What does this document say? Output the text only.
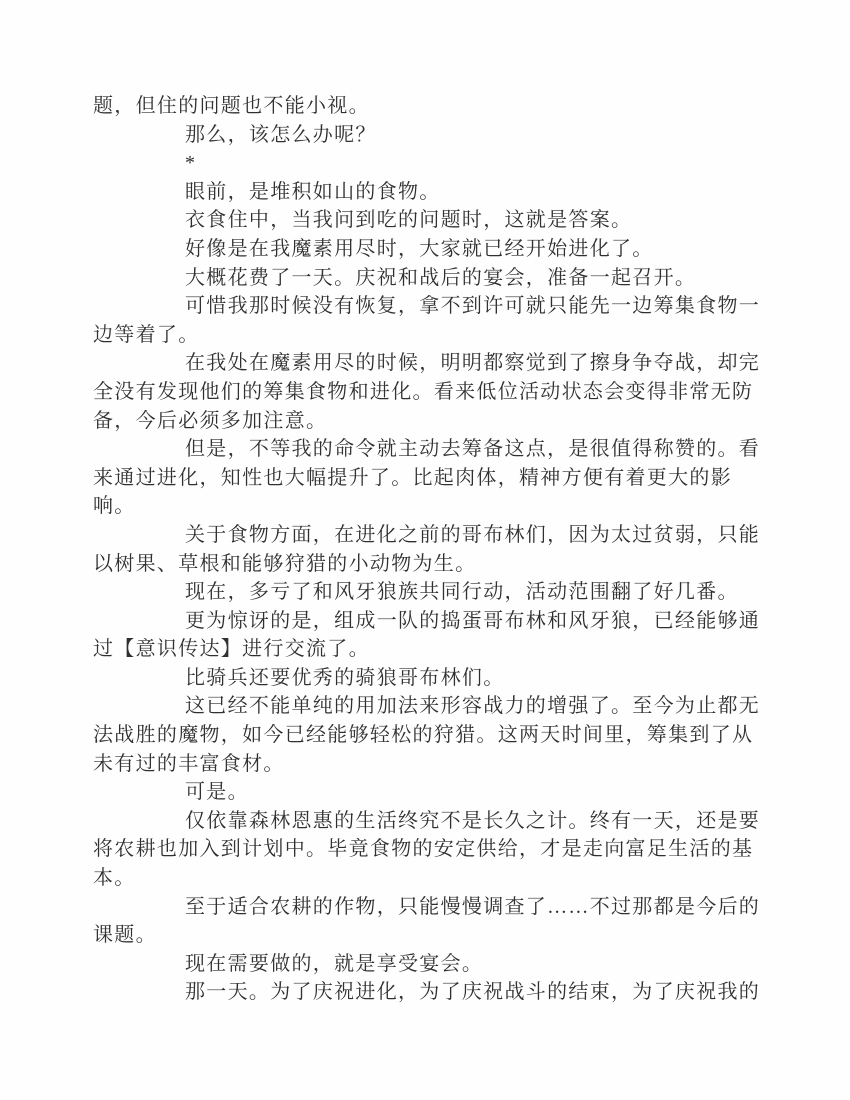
题，但住的问题也不能小视。
那么，该怎么办呢？
*
眼前，是堆积如山的食物。
衣食住中，当我问到吃的问题时，这就是答案。
好像是在我魔素用尽时，大家就已经开始进化了。
大概花费了一天。庆祝和战后的宴会，准备一起召开。
可惜我那时候没有恢复，拿不到许可就只能先一边筹集食物一
边等着了。
在我处在魔素用尽的时候，明明都察觉到了擦身争夺战，却完
全没有发现他们的筹集食物和进化。看来低位活动状态会变得非常无防
备，今后必须多加注意。
但是，不等我的命令就主动去筹备这点，是很值得称赞的。看
来通过进化，知性也大幅提升了。比起肉体，精神方便有着更大的影
响。
关于食物方面，在进化之前的哥布林们，因为太过贫弱，只能
以树果、草根和能够狩猎的小动物为生。
现在，多亏了和风牙狼族共同行动，活动范围翻了好几番。
更为惊讶的是，组成一队的捣蛋哥布林和风牙狼，已经能够通
过【意识传达】进行交流了。
比骑兵还要优秀的骑狼哥布林们。
这已经不能单纯的用加法来形容战力的增强了。至今为止都无
法战胜的魔物，如今已经能够轻松的狩猎。这两天时间里，筹集到了从
未有过的丰富食材。
可是。
仅依靠森林恩惠的生活终究不是长久之计。终有一天，还是要
将农耕也加入到计划中。毕竟食物的安定供给，才是走向富足生活的基
本。
至于适合农耕的作物，只能慢慢调查了……不过那都是今后的
课题。
现在需要做的，就是享受宴会。
那一天。为了庆祝进化，为了庆祝战斗的结束，为了庆祝我的
